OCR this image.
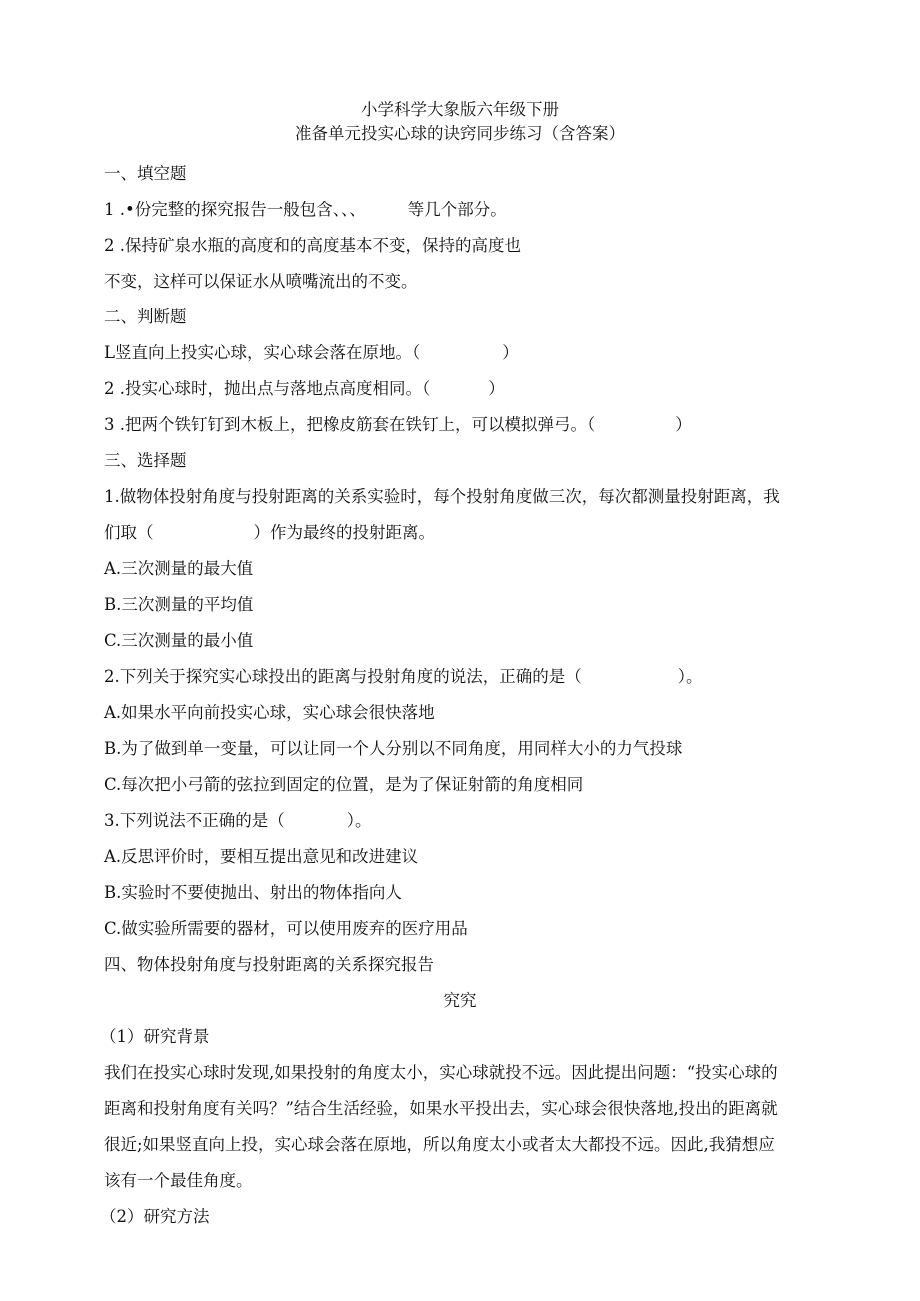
小学科学大象版六年级下册
准备单元投实心球的诀窍同步练习（含答案）
一、填空题
1 .•份完整的探究报告一般包含、、、	等几个部分。
2 .保持矿泉水瓶的高度和的高度基本不变，保持的高度也
不变，这样可以保证水从喷嘴流出的不变。
二、判断题
L竖直向上投实心球，实心球会落在原地。（	）
2 .投实心球时，抛出点与落地点高度相同。（	）
3 .把两个铁钉钉到木板上，把橡皮筋套在铁钉上，可以模拟弹弓。（	）
三、选择题
1.做物体投射角度与投射距离的关系实验时，每个投射角度做三次，每次都测量投射距离，我
们取（	）作为最终的投射距离。
A.三次测量的最大值
B.三次测量的平均值
C.三次测量的最小值
2.下列关于探究实心球投出的距离与投射角度的说法，正确的是（	）。
A.如果水平向前投实心球，实心球会很快落地
B.为了做到单一变量，可以让同一个人分别以不同角度，用同样大小的力气投球
C.每次把小弓箭的弦拉到固定的位置，是为了保证射箭的角度相同
3.下列说法不正确的是（	）。
A.反思评价时，要相互提出意见和改进建议
B.实验时不要使抛出、射出的物体指向人
C.做实验所需要的器材，可以使用废弃的医疗用品
四、物体投射角度与投射距离的关系探究报告
究究
（1）研究背景
我们在投实心球时发现,如果投射的角度太小，实心球就投不远。因此提出问题：“投实心球的
距离和投射角度有关吗？”结合生活经验，如果水平投出去，实心球会很快落地,投出的距离就
很近;如果竖直向上投，实心球会落在原地，所以角度太小或者太大都投不远。因此,我猜想应
该有一个最佳角度。
（2）研究方法
